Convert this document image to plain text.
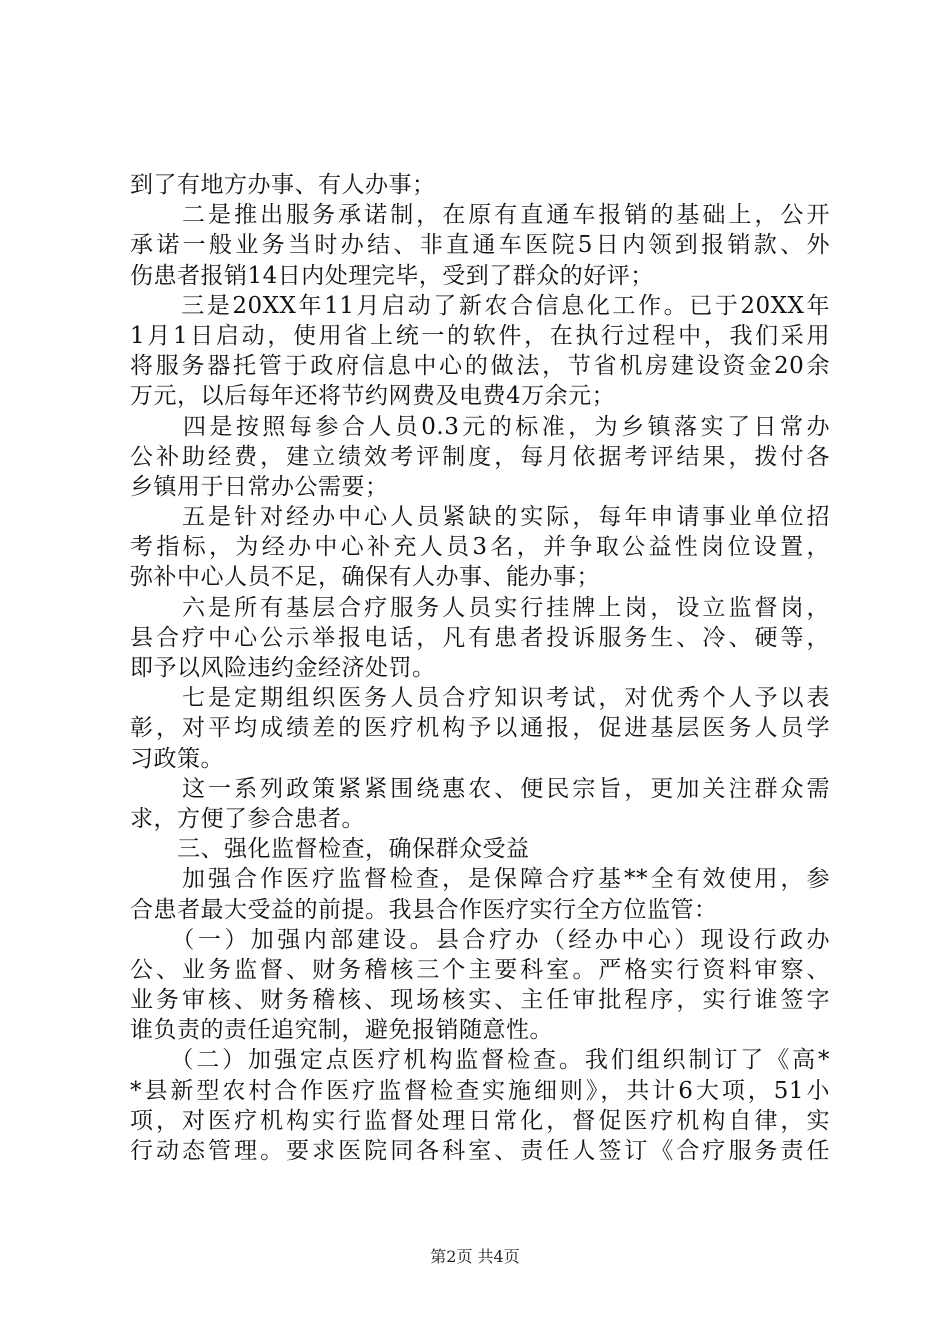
到了有地方办事、有人办事；
　　二是推出服务承诺制，在原有直通车报销的基础上，公开
承诺一般业务当时办结、非直通车医院5日内领到报销款、外
伤患者报销14日内处理完毕，受到了群众的好评；
　　三是20XX年11月启动了新农合信息化工作。已于20XX年
1月1日启动，使用省上统一的软件，在执行过程中，我们采用
将服务器托管于政府信息中心的做法，节省机房建设资金20余
万元，以后每年还将节约网费及电费4万余元；
　　四是按照每参合人员0.3元的标准，为乡镇落实了日常办
公补助经费，建立绩效考评制度，每月依据考评结果，拨付各
乡镇用于日常办公需要；
　　五是针对经办中心人员紧缺的实际，每年申请事业单位招
考指标，为经办中心补充人员3名，并争取公益性岗位设置，
弥补中心人员不足，确保有人办事、能办事；
　　六是所有基层合疗服务人员实行挂牌上岗，设立监督岗，
县合疗中心公示举报电话，凡有患者投诉服务生、冷、硬等，
即予以风险违约金经济处罚。
　　七是定期组织医务人员合疗知识考试，对优秀个人予以表
彰，对平均成绩差的医疗机构予以通报，促进基层医务人员学
习政策。
　　这一系列政策紧紧围绕惠农、便民宗旨，更加关注群众需
求，方便了参合患者。
　　三、强化监督检查，确保群众受益
　　加强合作医疗监督检查，是保障合疗基**全有效使用，参
合患者最大受益的前提。我县合作医疗实行全方位监管：
　　（一）加强内部建设。县合疗办（经办中心）现设行政办
公、业务监督、财务稽核三个主要科室。严格实行资料审察、
业务审核、财务稽核、现场核实、主任审批程序，实行谁签字
谁负责的责任追究制，避免报销随意性。
　　（二）加强定点医疗机构监督检查。我们组织制订了《高*
*县新型农村合作医疗监督检查实施细则》，共计6大项，51小
项，对医疗机构实行监督处理日常化，督促医疗机构自律，实
行动态管理。要求医院同各科室、责任人签订《合疗服务责任
第2页 共4页
